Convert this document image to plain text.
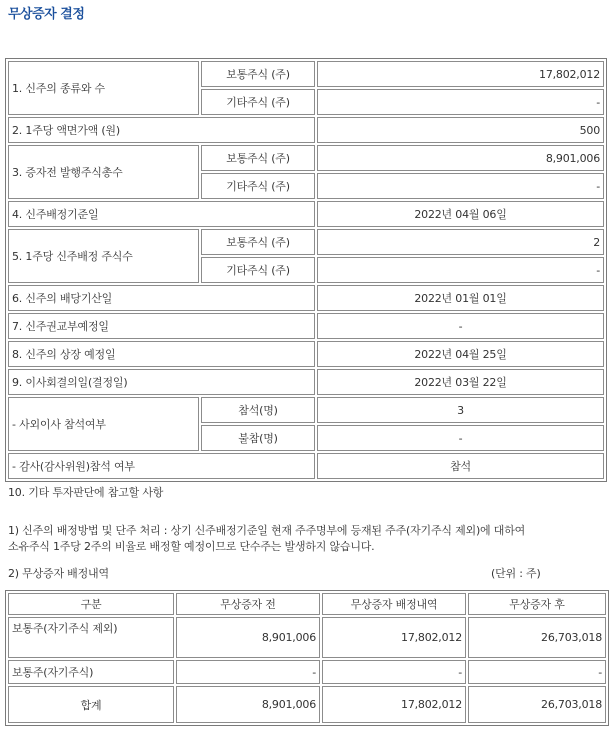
무상증자 결정
1. 신주의 종류와 수	보통주식 (주)	17,802,012
	기타주식 (주)	-
2. 1주당 액면가액 (원)		500
3. 증자전 발행주식총수	보통주식 (주)	8,901,006
	기타주식 (주)	-
4. 신주배정기준일		2022년 04월 06일
5. 1주당 신주배정 주식수	보통주식 (주)	2
	기타주식 (주)	-
6. 신주의 배당기산일		2022년 01월 01일
7. 신주권교부예정일		-
8. 신주의 상장 예정일		2022년 04월 25일
9. 이사회결의일(결정일)		2022년 03월 22일
- 사외이사 참석여부	참석(명)	3
	불참(명)	-
- 감사(감사위원)참석 여부		참석
10. 기타 투자판단에 참고할 사항
1) 신주의 배정방법 및 단주 처리 : 상기 신주배정기준일 현재 주주명부에 등재된 주주(자기주식 제외)에 대하여
소유주식 1주당 2주의 비율로 배정할 예정이므로 단수주는 발생하지 않습니다.
2) 무상증자 배정내역	(단위 : 주)
구분	무상증자 전	무상증자 배정내역	무상증자 후
보통주(자기주식 제외)	8,901,006	17,802,012	26,703,018
보통주(자기주식)	-	-	-
합계	8,901,006	17,802,012	26,703,018
